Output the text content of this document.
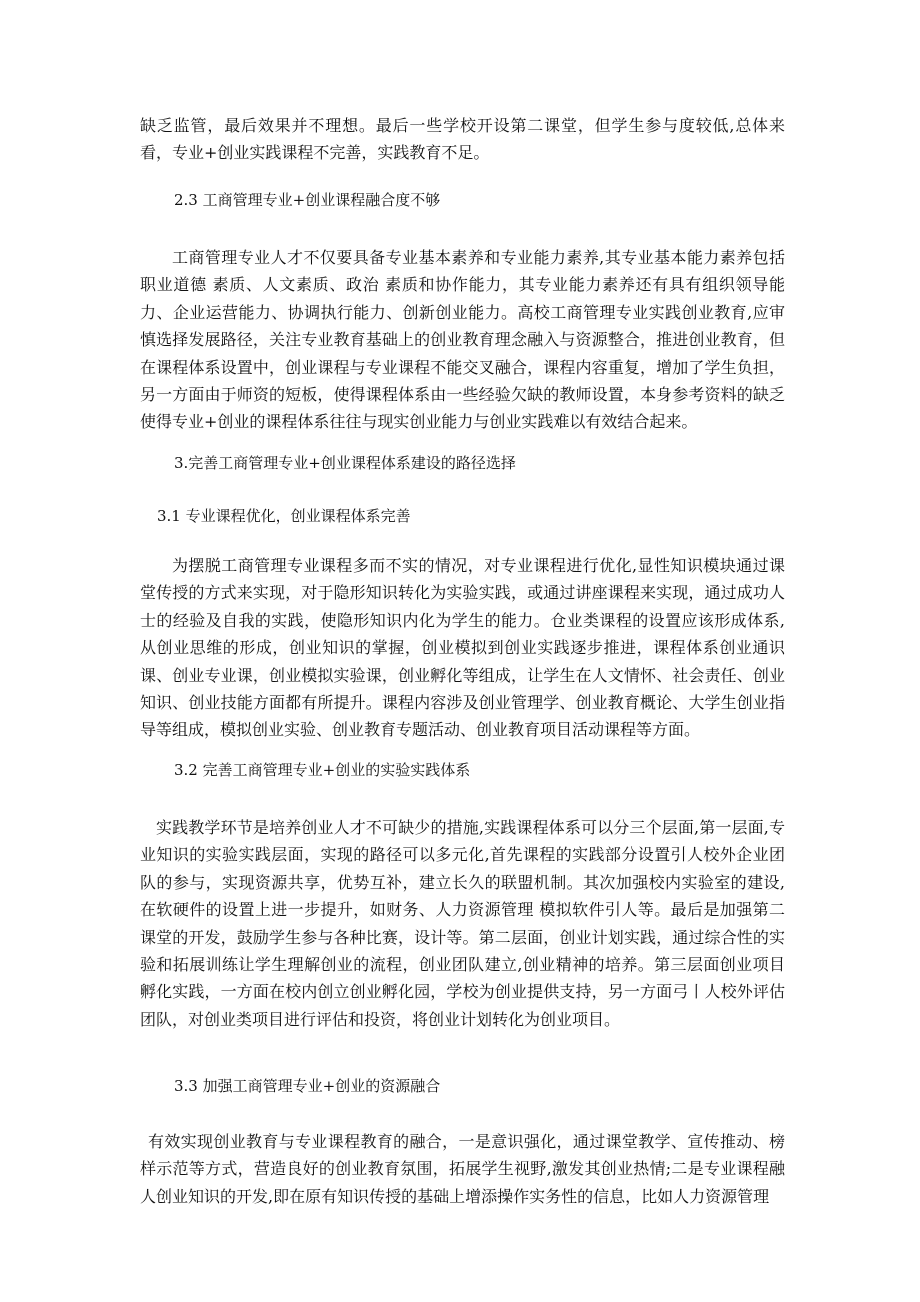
缺乏监管，最后效果并不理想。最后一些学校开设第二课堂，但学生参与度较低,总体来看，专业+创业实践课程不完善，实践教育不足。

2.3 工商管理专业+创业课程融合度不够

工商管理专业人才不仅要具备专业基本素养和专业能力素养,其专业基本能力素养包括职业道德 素质、人文素质、政治 素质和协作能力，其专业能力素养还有具有组织领导能力、企业运营能力、协调执行能力、创新创业能力。高校工商管理专业实践创业教育,应审慎选择发展路径，关注专业教育基础上的创业教育理念融入与资源整合，推进创业教育，但在课程体系设置中，创业课程与专业课程不能交叉融合，课程内容重复，增加了学生负担，另一方面由于师资的短板，使得课程体系由一些经验欠缺的教师设置，本身参考资料的缺乏使得专业+创业的课程体系往往与现实创业能力与创业实践难以有效结合起来。

3.完善工商管理专业+创业课程体系建设的路径选择

3.1 专业课程优化，创业课程体系完善

为摆脱工商管理专业课程多而不实的情况，对专业课程进行优化,显性知识模块通过课堂传授的方式来实现，对于隐形知识转化为实验实践，或通过讲座课程来实现，通过成功人士的经验及自我的实践，使隐形知识内化为学生的能力。仓业类课程的设置应该形成体系,从创业思维的形成，创业知识的掌握，创业模拟到创业实践逐步推进，课程体系创业通识课、创业专业课，创业模拟实验课，创业孵化等组成，让学生在人文情怀、社会责任、创业知识、创业技能方面都有所提升。课程内容涉及创业管理学、创业教育概论、大学生创业指导等组成，模拟创业实验、创业教育专题活动、创业教育项目活动课程等方面。

3.2 完善工商管理专业+创业的实验实践体系

实践教学环节是培养创业人才不可缺少的措施,实践课程体系可以分三个层面,第一层面,专业知识的实验实践层面，实现的路径可以多元化,首先课程的实践部分设置引人校外企业团队的参与，实现资源共享，优势互补，建立长久的联盟机制。其次加强校内实验室的建设,在软硬件的设置上进一步提升，如财务、人力资源管理 模拟软件引人等。最后是加强第二课堂的开发，鼓励学生参与各种比赛，设计等。第二层面，创业计划实践，通过综合性的实验和拓展训练让学生理解创业的流程，创业团队建立,创业精神的培养。第三层面创业项目孵化实践，一方面在校内创立创业孵化园，学校为创业提供支持，另一方面弓丨人校外评估团队，对创业类项目进行评估和投资，将创业计划转化为创业项目。

3.3 加强工商管理专业+创业的资源融合

有效实现创业教育与专业课程教育的融合，一是意识强化，通过课堂教学、宣传推动、榜样示范等方式，营造良好的创业教育氛围，拓展学生视野,激发其创业热情;二是专业课程融人创业知识的开发,即在原有知识传授的基础上增添操作实务性的信息，比如人力资源管理
